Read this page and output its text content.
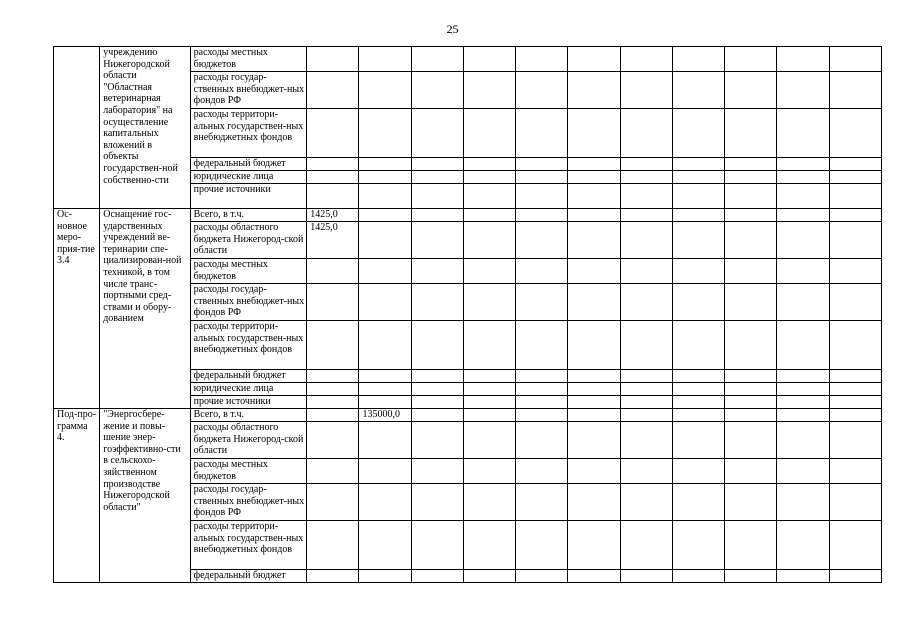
25
	учреждению Нижегородской области "Областная ветеринарная лаборатория" на осуществление капитальных вложений в объекты государствен-ной собственно-сти	расходы местных бюджетов											
		расходы государ-ственных внебюджет-ных фондов РФ											
		расходы территори-альных государствен-ных внебюджетных фондов											
		федеральный бюджет											
		юридические лица											
		прочие источники											
Ос-новное меро-прия-тие 3.4	Оснащение гос-ударственных учреждений ве-теринарии спе-циализирован-ной техникой, в том числе транс-портными сред-ствами и обору-дованием	Всего, в т.ч.	1425,0										
		расходы областного бюджета Нижегород-ской области	1425,0										
		расходы местных бюджетов											
		расходы государ-ственных внебюджет-ных фондов РФ											
		расходы территори-альных государствен-ных внебюджетных фондов											
		федеральный бюджет											
		юридические лица											
		прочие источники											
Под-про-грамма 4.	"Энергосбере-жение и повы-шение энер-гоэффективно-сти в сельскохо-зяйственном производстве Нижегородской области"	Всего, в т.ч.		135000,0									
		расходы областного бюджета Нижегород-ской области											
		расходы местных бюджетов											
		расходы государ-ственных внебюджет-ных фондов РФ											
		расходы территори-альных государствен-ных внебюджетных фондов											
		федеральный бюджет											
